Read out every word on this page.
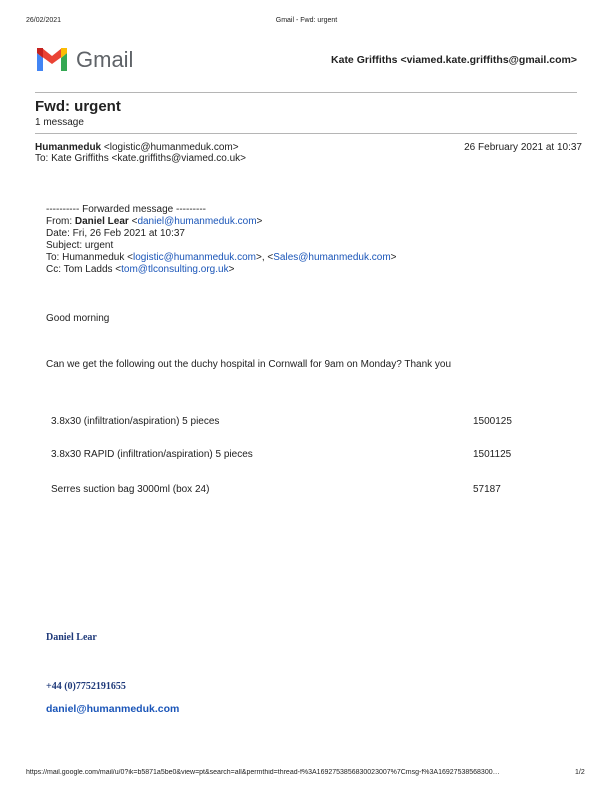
26/02/2021	Gmail - Fwd: urgent
Gmail	Kate Griffiths <viamed.kate.griffiths@gmail.com>
Fwd: urgent
1 message
Humanmeduk <logistic@humanmeduk.com>	26 February 2021 at 10:37
To: Kate Griffiths <kate.griffiths@viamed.co.uk>
---------- Forwarded message ---------
From: Daniel Lear <daniel@humanmeduk.com>
Date: Fri, 26 Feb 2021 at 10:37
Subject: urgent
To: Humanmeduk <logistic@humanmeduk.com>, <Sales@humanmeduk.com>
Cc: Tom Ladds <tom@tlconsulting.org.uk>
Good morning
Can we get the following out the duchy hospital in Cornwall for 9am on Monday? Thank you
3.8x30 (infiltration/aspiration) 5 pieces	1500125
3.8x30 RAPID (infiltration/aspiration) 5 pieces	1501125
Serres suction bag 3000ml (box 24)	57187
Daniel Lear
+44 (0)7752191655
daniel@humanmeduk.com
https://mail.google.com/mail/u/0?ik=b5871a5be0&view=pt&search=all&permthid=thread-f%3A1692753856830023007%7Cmsg-f%3A16927538568300…	1/2
